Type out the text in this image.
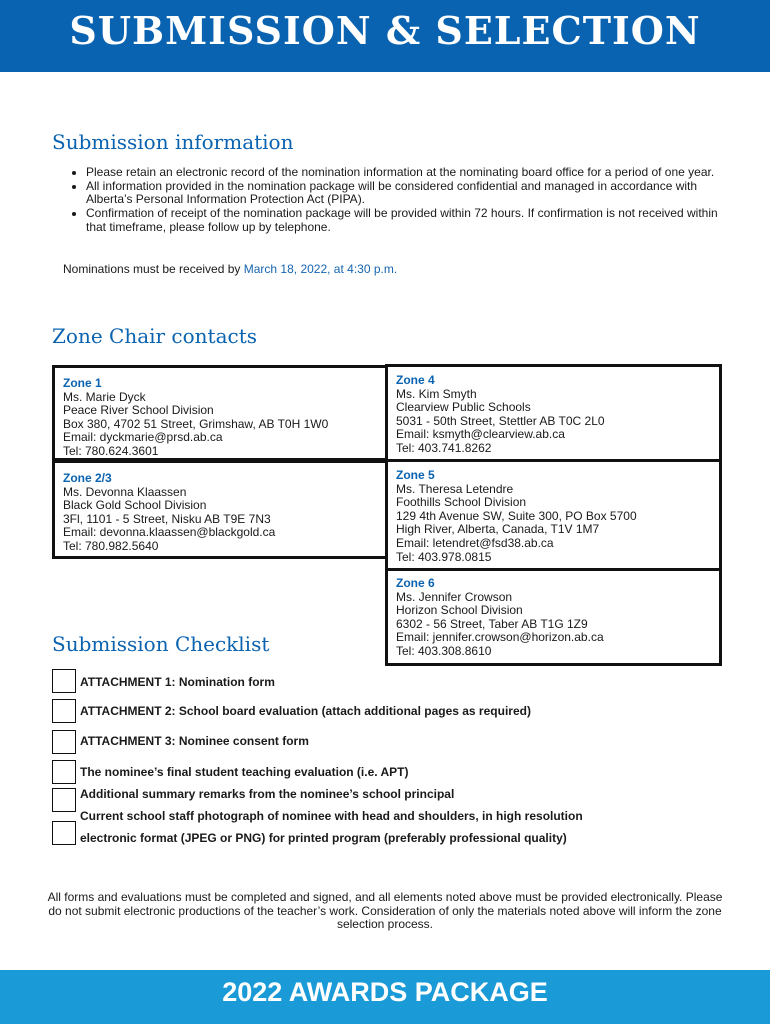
SUBMISSION & SELECTION
Submission information
• Please retain an electronic record of the nomination information at the nominating board office for a period of one year.
• All information provided in the nomination package will be considered confidential and managed in accordance with Alberta’s Personal Information Protection Act (PIPA).
• Confirmation of receipt of the nomination package will be provided within 72 hours. If confirmation is not received within that timeframe, please follow up by telephone.
Nominations must be received by March 18, 2022, at 4:30 p.m.
Zone Chair contacts
Zone 1
Ms. Marie Dyck
Peace River School Division
Box 380, 4702 51 Street, Grimshaw, AB T0H 1W0
Email: dyckmarie@prsd.ab.ca
Tel: 780.624.3601
Zone 2/3
Ms. Devonna Klaassen
Black Gold School Division
3Fl, 1101 - 5 Street, Nisku AB T9E 7N3
Email: devonna.klaassen@blackgold.ca
Tel: 780.982.5640
Zone 4
Ms. Kim Smyth
Clearview Public Schools
5031 - 50th Street, Stettler AB T0C 2L0
Email: ksmyth@clearview.ab.ca
Tel: 403.741.8262
Zone 5
Ms. Theresa Letendre
Foothills School Division
129 4th Avenue SW, Suite 300, PO Box 5700
High River, Alberta, Canada, T1V 1M7
Email: letendret@fsd38.ab.ca
Tel: 403.978.0815
Zone 6
Ms. Jennifer Crowson
Horizon School Division
6302 - 56 Street, Taber AB T1G 1Z9
Email: jennifer.crowson@horizon.ab.ca
Tel: 403.308.8610
Submission Checklist
ATTACHMENT 1: Nomination form
ATTACHMENT 2: School board evaluation (attach additional pages as required)
ATTACHMENT 3: Nominee consent form
The nominee’s final student teaching evaluation (i.e. APT)
Additional summary remarks from the nominee’s school principal
Current school staff photograph of nominee with head and shoulders, in high resolution
electronic format (JPEG or PNG) for printed program (preferably professional quality)
All forms and evaluations must be completed and signed, and all elements noted above must be provided electronically. Please do not submit electronic productions of the teacher’s work. Consideration of only the materials noted above will inform the zone selection process.
2022 AWARDS PACKAGE
